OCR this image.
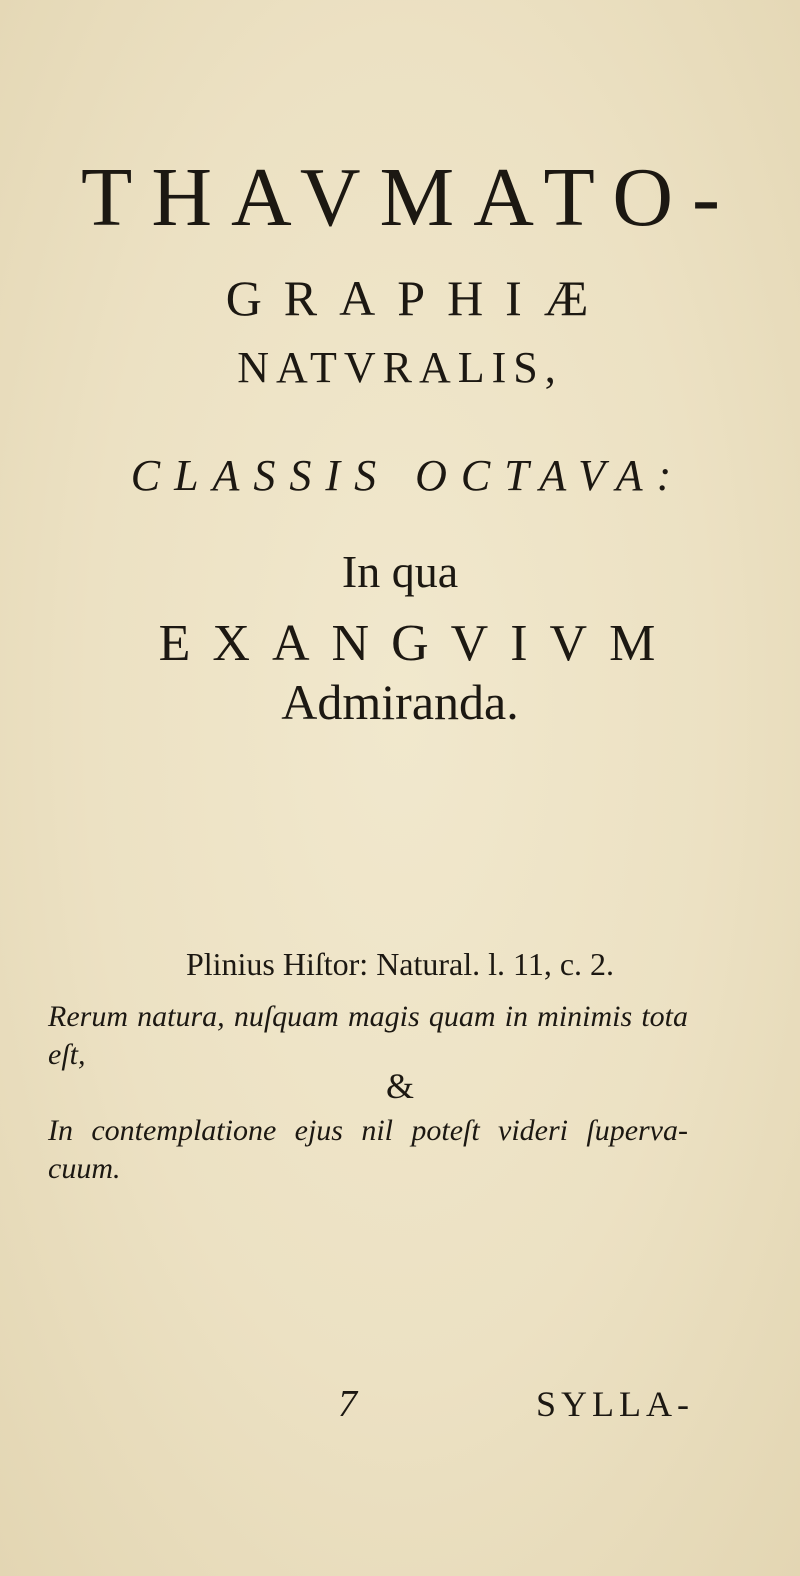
THAVMATO-
GRAPHIÆ
NATVRALIS,
CLASSIS OCTAVA:
In qua
EXANGVIVM
Admiranda.
Plinius Hiſtor: Natural. l. 11, c. 2.
Rerum natura, nuſquam magis quam in minimis tota eſt,
&
In contemplatione ejus nil poteſt videri ſuperva- cuum.
7	SYLLA-
